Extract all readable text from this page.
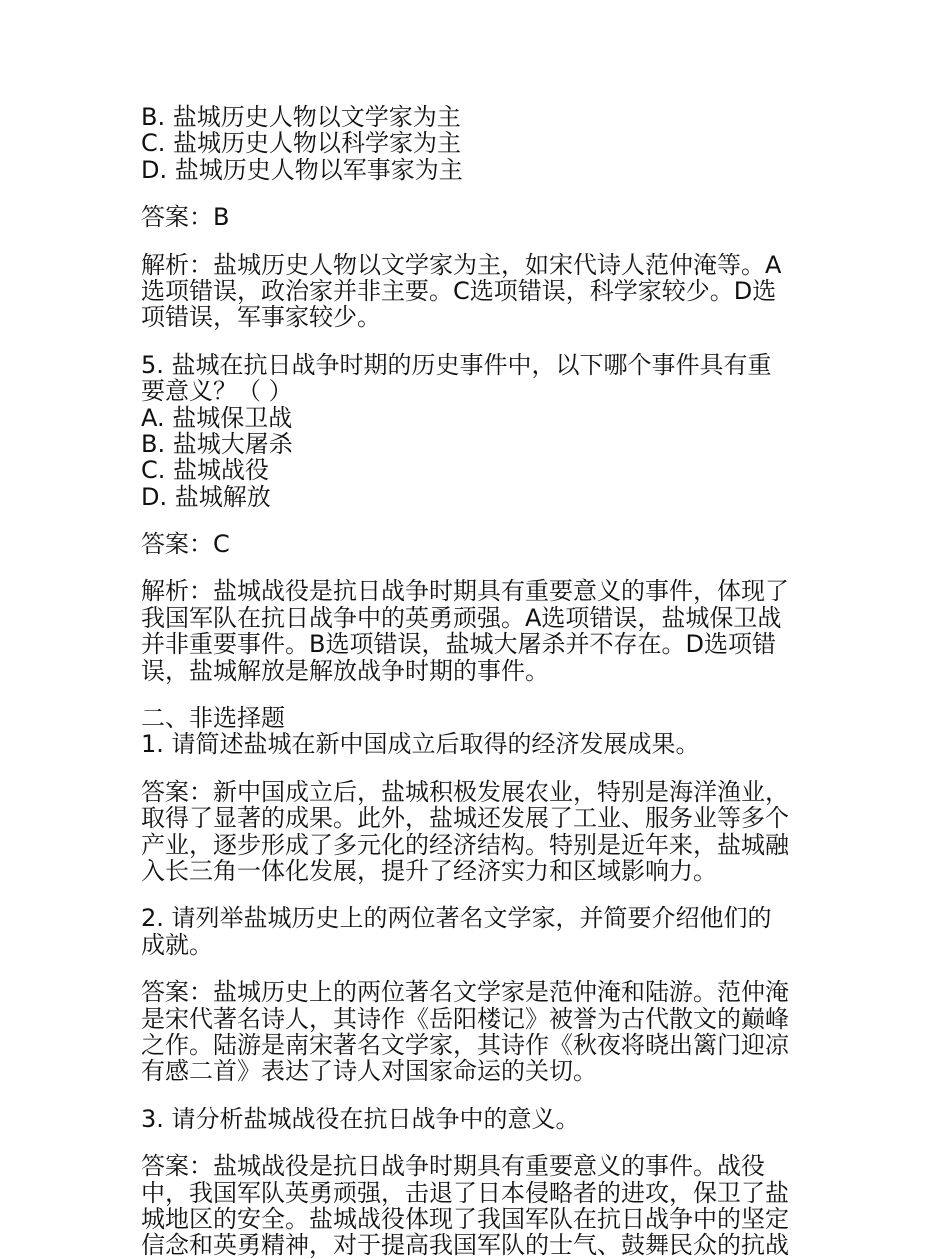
B. 盐城历史人物以文学家为主
C. 盐城历史人物以科学家为主
D. 盐城历史人物以军事家为主
答案：B
解析：盐城历史人物以文学家为主，如宋代诗人范仲淹等。A
选项错误，政治家并非主要。C选项错误，科学家较少。D选
项错误，军事家较少。
5. 盐城在抗日战争时期的历史事件中，以下哪个事件具有重
要意义？（ ）
A. 盐城保卫战
B. 盐城大屠杀
C. 盐城战役
D. 盐城解放
答案：C
解析：盐城战役是抗日战争时期具有重要意义的事件，体现了
我国军队在抗日战争中的英勇顽强。A选项错误，盐城保卫战
并非重要事件。B选项错误，盐城大屠杀并不存在。D选项错
误，盐城解放是解放战争时期的事件。
二、非选择题
1. 请简述盐城在新中国成立后取得的经济发展成果。
答案：新中国成立后，盐城积极发展农业，特别是海洋渔业，
取得了显著的成果。此外，盐城还发展了工业、服务业等多个
产业，逐步形成了多元化的经济结构。特别是近年来，盐城融
入长三角一体化发展，提升了经济实力和区域影响力。
2. 请列举盐城历史上的两位著名文学家，并简要介绍他们的
成就。
答案：盐城历史上的两位著名文学家是范仲淹和陆游。范仲淹
是宋代著名诗人，其诗作《岳阳楼记》被誉为古代散文的巅峰
之作。陆游是南宋著名文学家，其诗作《秋夜将晓出篱门迎凉
有感二首》表达了诗人对国家命运的关切。
3. 请分析盐城战役在抗日战争中的意义。
答案：盐城战役是抗日战争时期具有重要意义的事件。战役
中，我国军队英勇顽强，击退了日本侵略者的进攻，保卫了盐
城地区的安全。盐城战役体现了我国军队在抗日战争中的坚定
信念和英勇精神，对于提高我国军队的士气、鼓舞民众的抗战
